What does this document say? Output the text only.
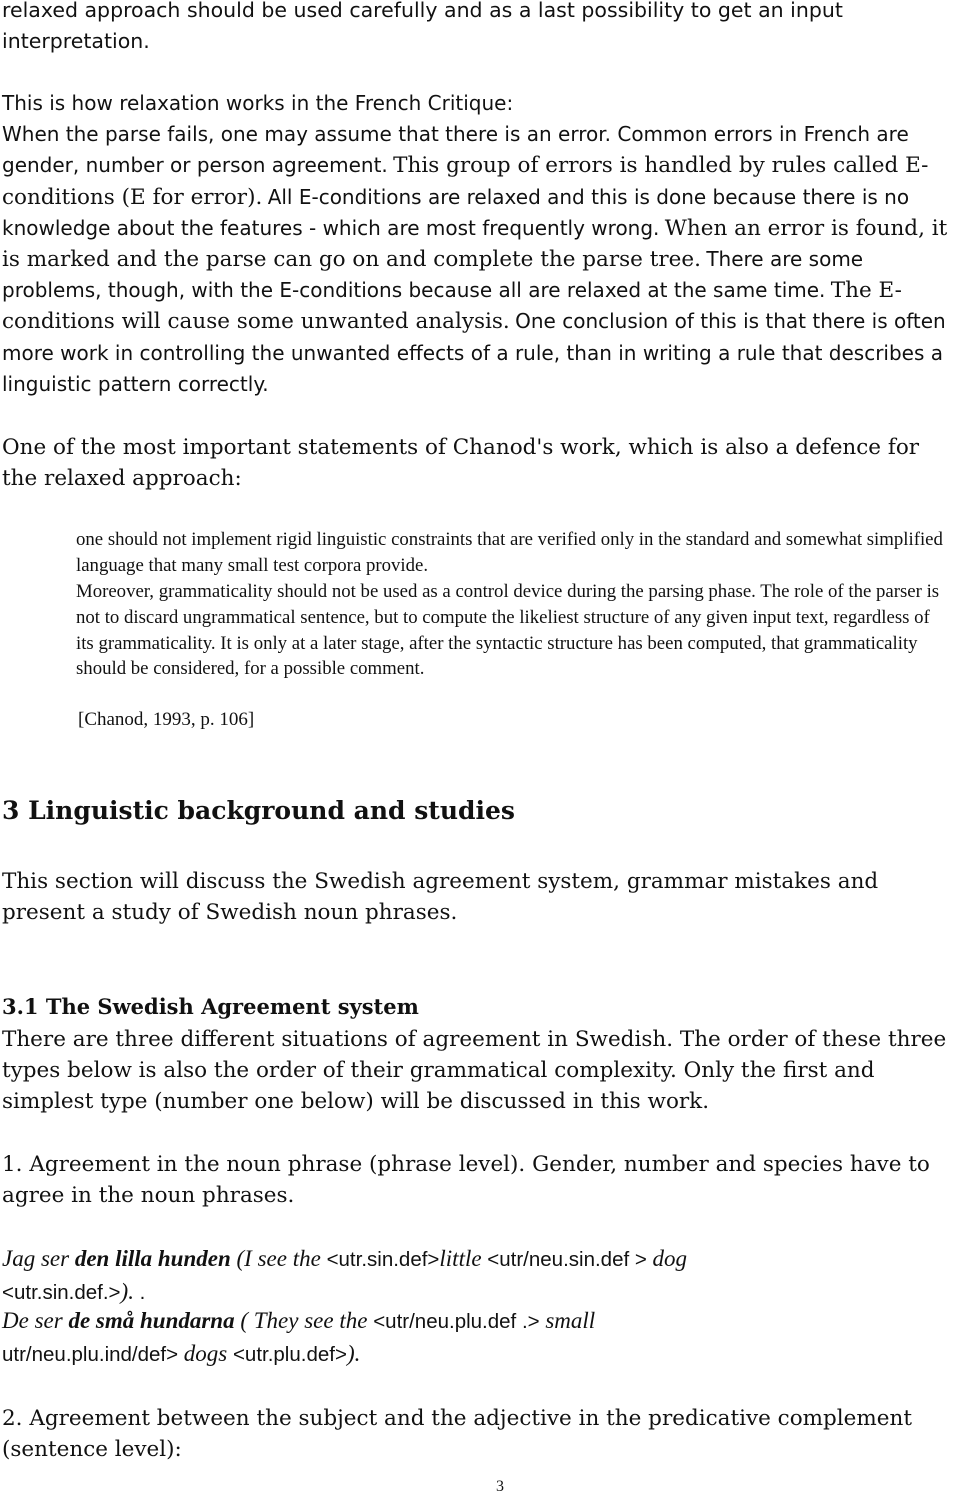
relaxed approach should be used carefully and as a last possibility to get an input interpretation.

This is how relaxation works in the French Critique:
When the parse fails, one may assume that there is an error. Common errors in French are gender, number or person agreement. This group of errors is handled by rules called E-conditions (E for error). All E-conditions are relaxed and this is done because there is no knowledge about the features - which are most frequently wrong. When an error is found, it is marked and the parse can go on and complete the parse tree. There are some problems, though, with the E-conditions because all are relaxed at the same time. The E-conditions will cause some unwanted analysis. One conclusion of this is that there is often more work in controlling the unwanted effects of a rule, than in writing a rule that describes a linguistic pattern correctly.

One of the most important statements of Chanod's work, which is also a defence for the relaxed approach:

one should not implement rigid linguistic constraints that are verified only in the standard and somewhat simplified language that many small test corpora provide.

Moreover, grammaticality should not be used as a control device during the parsing phase. The role of the parser is not to discard ungrammatical sentence, but to compute the likeliest structure of any given input text, regardless of its grammaticality. It is only at a later stage, after the syntactic structure has been computed, that grammaticality should be considered, for a possible comment.

[Chanod, 1993, p. 106]
3 Linguistic background and studies

This section will discuss the Swedish agreement system, grammar mistakes and present a study of Swedish noun phrases.

3.1 The Swedish Agreement system

There are three different situations of agreement in Swedish. The order of these three types below is also the order of their grammatical complexity. Only the first and simplest type (number one below) will be discussed in this work.

1. Agreement in the noun phrase (phrase level). Gender, number and species have to agree in the noun phrases.

Jag ser den lilla hunden (I see the <utr.sin.def>little <utr/neu.sin.def > dog
<utr.sin.def.>). .
De ser de små hundarna ( They see the <utr/neu.plu.def .> small
utr/neu.plu.ind/def> dogs <utr.plu.def>).

2. Agreement between the subject and the adjective in the predicative complement (sentence level):

3
